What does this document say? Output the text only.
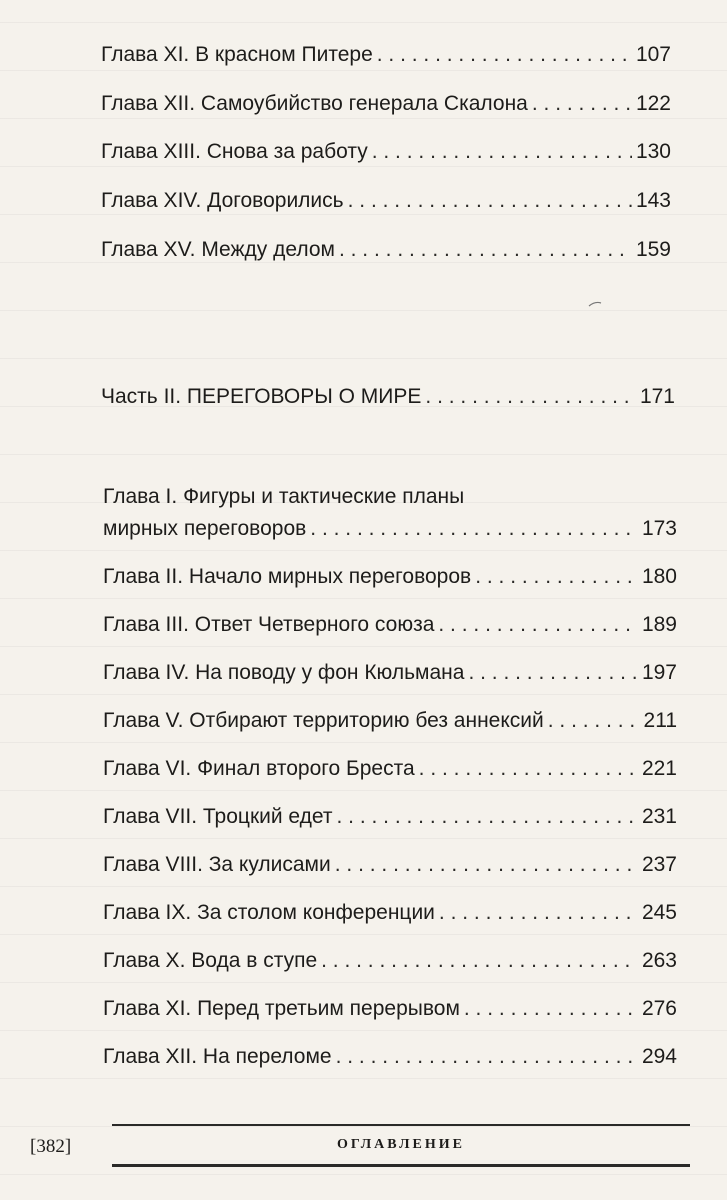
Глава XI. В красном Питере . . .	107
Глава XII. Самоубийство генерала Скалона . . .	122
Глава XIII. Снова за работу . . .	130
Глава XIV. Договорились . . .	143
Глава XV. Между делом . . .	159
Часть II. ПЕРЕГОВОРЫ О МИРЕ . . .	171
Глава I. Фигуры и тактические планы
мирных переговоров . . .	173
Глава II. Начало мирных переговоров . . .	180
Глава III. Ответ Четверного союза . . .	189
Глава IV. На поводу у фон Кюльмана . . .	197
Глава V. Отбирают территорию без аннексий . . .	211
Глава VI. Финал второго Бреста . . .	221
Глава VII. Троцкий едет . . .	231
Глава VIII. За кулисами . . .	237
Глава IX. За столом конференции . . .	245
Глава X. Вода в ступе . . .	263
Глава XI. Перед третьим перерывом . . .	276
Глава XII. На переломе . . .	294
[382]	ОГЛАВЛЕНИЕ
